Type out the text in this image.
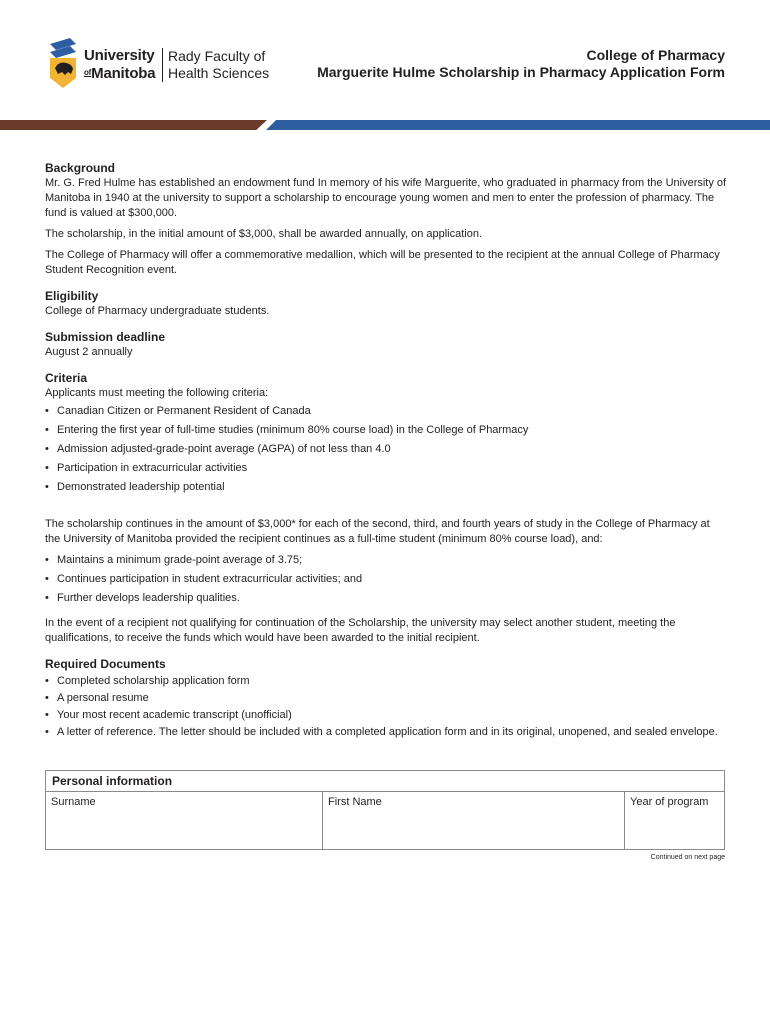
University
$^{of}$Manitoba
Rady Faculty of
Health Sciences
College of Pharmacy
Marguerite Hulme Scholarship in Pharmacy Application Form

Background

Mr. G. Fred Hulme has established an endowment fund In memory of his wife Marguerite, who graduated in pharmacy from the University of Manitoba in 1940 at the university to support a scholarship to encourage young women and men to enter the profession of pharmacy. The fund is valued at $300,000.

The scholarship, in the initial amount of $3,000, shall be awarded annually, on application.

The College of Pharmacy will offer a commemorative medallion, which will be presented to the recipient at the annual College of Pharmacy Student Recognition event.

Eligibility

College of Pharmacy undergraduate students.

Submission deadline

August 2 annually

Criteria

Applicants must meeting the following criteria:

• Canadian Citizen or Permanent Resident of Canada
• Entering the first year of full-time studies (minimum 80% course load) in the College of Pharmacy
• Admission adjusted-grade-point average (AGPA) of not less than 4.0
• Participation in extracurricular activities
• Demonstrated leadership potential

The scholarship continues in the amount of $3,000* for each of the second, third, and fourth years of study in the College of Pharmacy at the University of Manitoba provided the recipient continues as a full-time student (minimum 80% course load), and:

• Maintains a minimum grade-point average of 3.75;
• Continues participation in student extracurricular activities; and
• Further develops leadership qualities.

In the event of a recipient not qualifying for continuation of the Scholarship, the university may select another student, meeting the qualifications, to receive the funds which would have been awarded to the initial recipient.

Required Documents

• Completed scholarship application form
• A personal resume
• Your most recent academic transcript (unofficial)
• A letter of reference. The letter should be included with a completed application form and in its original, unopened, and sealed envelope.
Personal information
Surname	First Name	Year of program
Continued on next page
